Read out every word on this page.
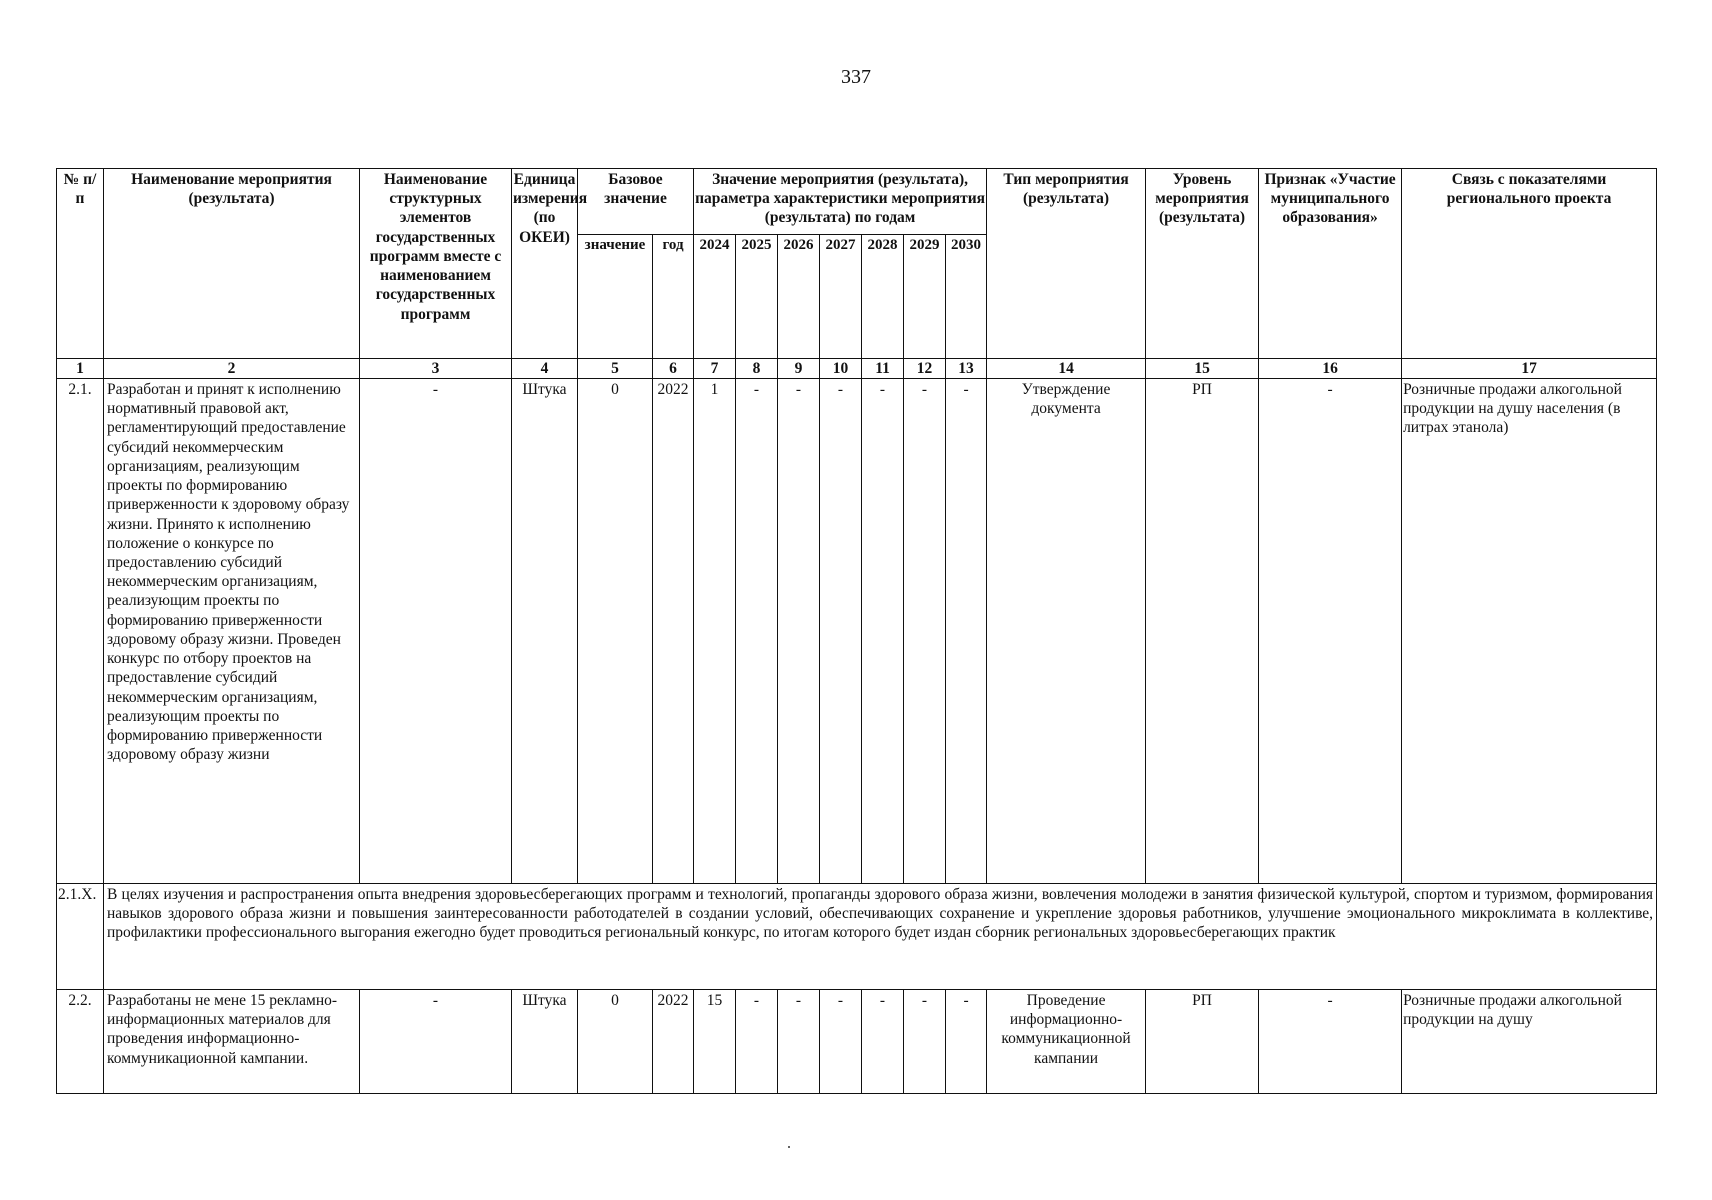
337
№ п/п	Наименование мероприятия (результата)	Наименование структурных элементов государственных программ вместе с наименованием государственных программ	Единица измерения (по ОКЕИ)	Базовое значение		Значение мероприятия (результата), параметра характеристики мероприятия (результата) по годам							Тип мероприятия (результата)	Уровень мероприятия (результата)	Признак «Участие муниципального образования»	Связь с показателями регионального проекта
				значение	год	2024	2025	2026	2027	2028	2029	2030				
1	2	3	4	5	6	7	8	9	10	11	12	13	14	15	16	17
2.1.	Разработан и принят к исполнению нормативный правовой акт, регламентирующий предоставление субсидий некоммерческим организациям, реализующим проекты по формированию приверженности к здоровому образу жизни. Принято к исполнению положение о конкурсе по предоставлению субсидий некоммерческим организациям, реализующим проекты по формированию приверженности здоровому образу жизни. Проведен конкурс по отбору проектов на предоставление субсидий некоммерческим организациям, реализующим проекты по формированию приверженности здоровому образу жизни	-	Штука	0	2022	1	-	-	-	-	-	-	Утверждение документа	РП	-	Розничные продажи алкогольной продукции на душу населения (в литрах этанола)
2.1.Х.	В целях изучения и распространения опыта внедрения здоровьесберегающих программ и технологий, пропаганды здорового образа жизни, вовлечения молодежи в занятия физической культурой, спортом и туризмом, формирования навыков здорового образа жизни и повышения заинтересованности работодателей в создании условий, обеспечивающих сохранение и укрепление здоровья работников, улучшение эмоционального микроклимата в коллективе, профилактики профессионального выгорания ежегодно будет проводиться региональный конкурс, по итогам которого будет издан сборник региональных здоровьесберегающих практик															
2.2.	Разработаны не мене 15 рекламно-информационных материалов для проведения информационно-коммуникационной кампании.	-	Штука	0	2022	15	-	-	-	-	-	-	Проведение информационно-коммуникационной кампании	РП	-	Розничные продажи алкогольной продукции на душу
